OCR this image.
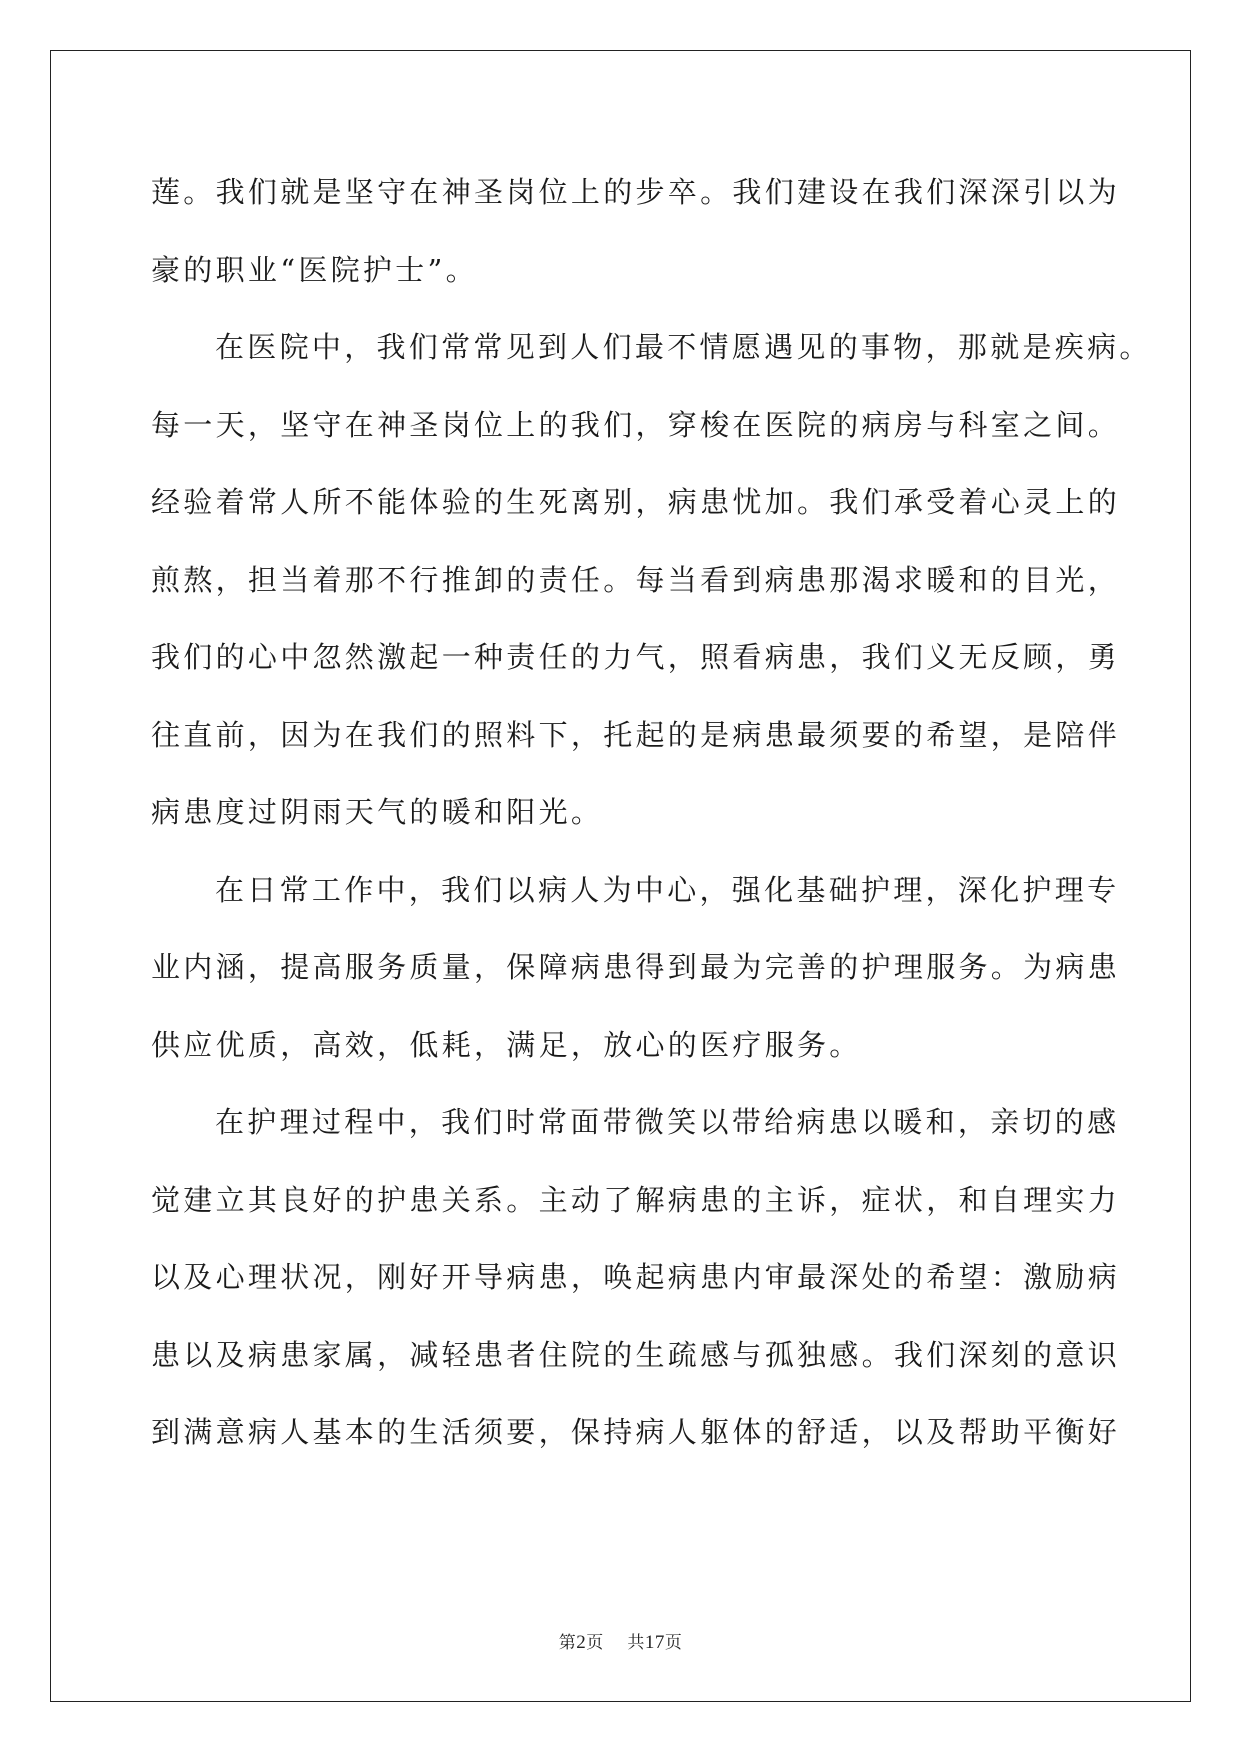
莲。我们就是坚守在神圣岗位上的步卒。我们建设在我们深深引以为
豪的职业“医院护士”。
在医院中，我们常常见到人们最不情愿遇见的事物，那就是疾病。
每一天，坚守在神圣岗位上的我们，穿梭在医院的病房与科室之间。
经验着常人所不能体验的生死离别，病患忧加。我们承受着心灵上的
煎熬，担当着那不行推卸的责任。每当看到病患那渴求暖和的目光，
我们的心中忽然激起一种责任的力气，照看病患，我们义无反顾，勇
往直前，因为在我们的照料下，托起的是病患最须要的希望，是陪伴
病患度过阴雨天气的暖和阳光。
在日常工作中，我们以病人为中心，强化基础护理，深化护理专
业内涵，提高服务质量，保障病患得到最为完善的护理服务。为病患
供应优质，高效，低耗，满足，放心的医疗服务。
在护理过程中，我们时常面带微笑以带给病患以暖和，亲切的感
觉建立其良好的护患关系。主动了解病患的主诉，症状，和自理实力
以及心理状况，刚好开导病患，唤起病患内审最深处的希望：激励病
患以及病患家属，减轻患者住院的生疏感与孤独感。我们深刻的意识
到满意病人基本的生活须要，保持病人躯体的舒适，以及帮助平衡好
第2页 共17页
